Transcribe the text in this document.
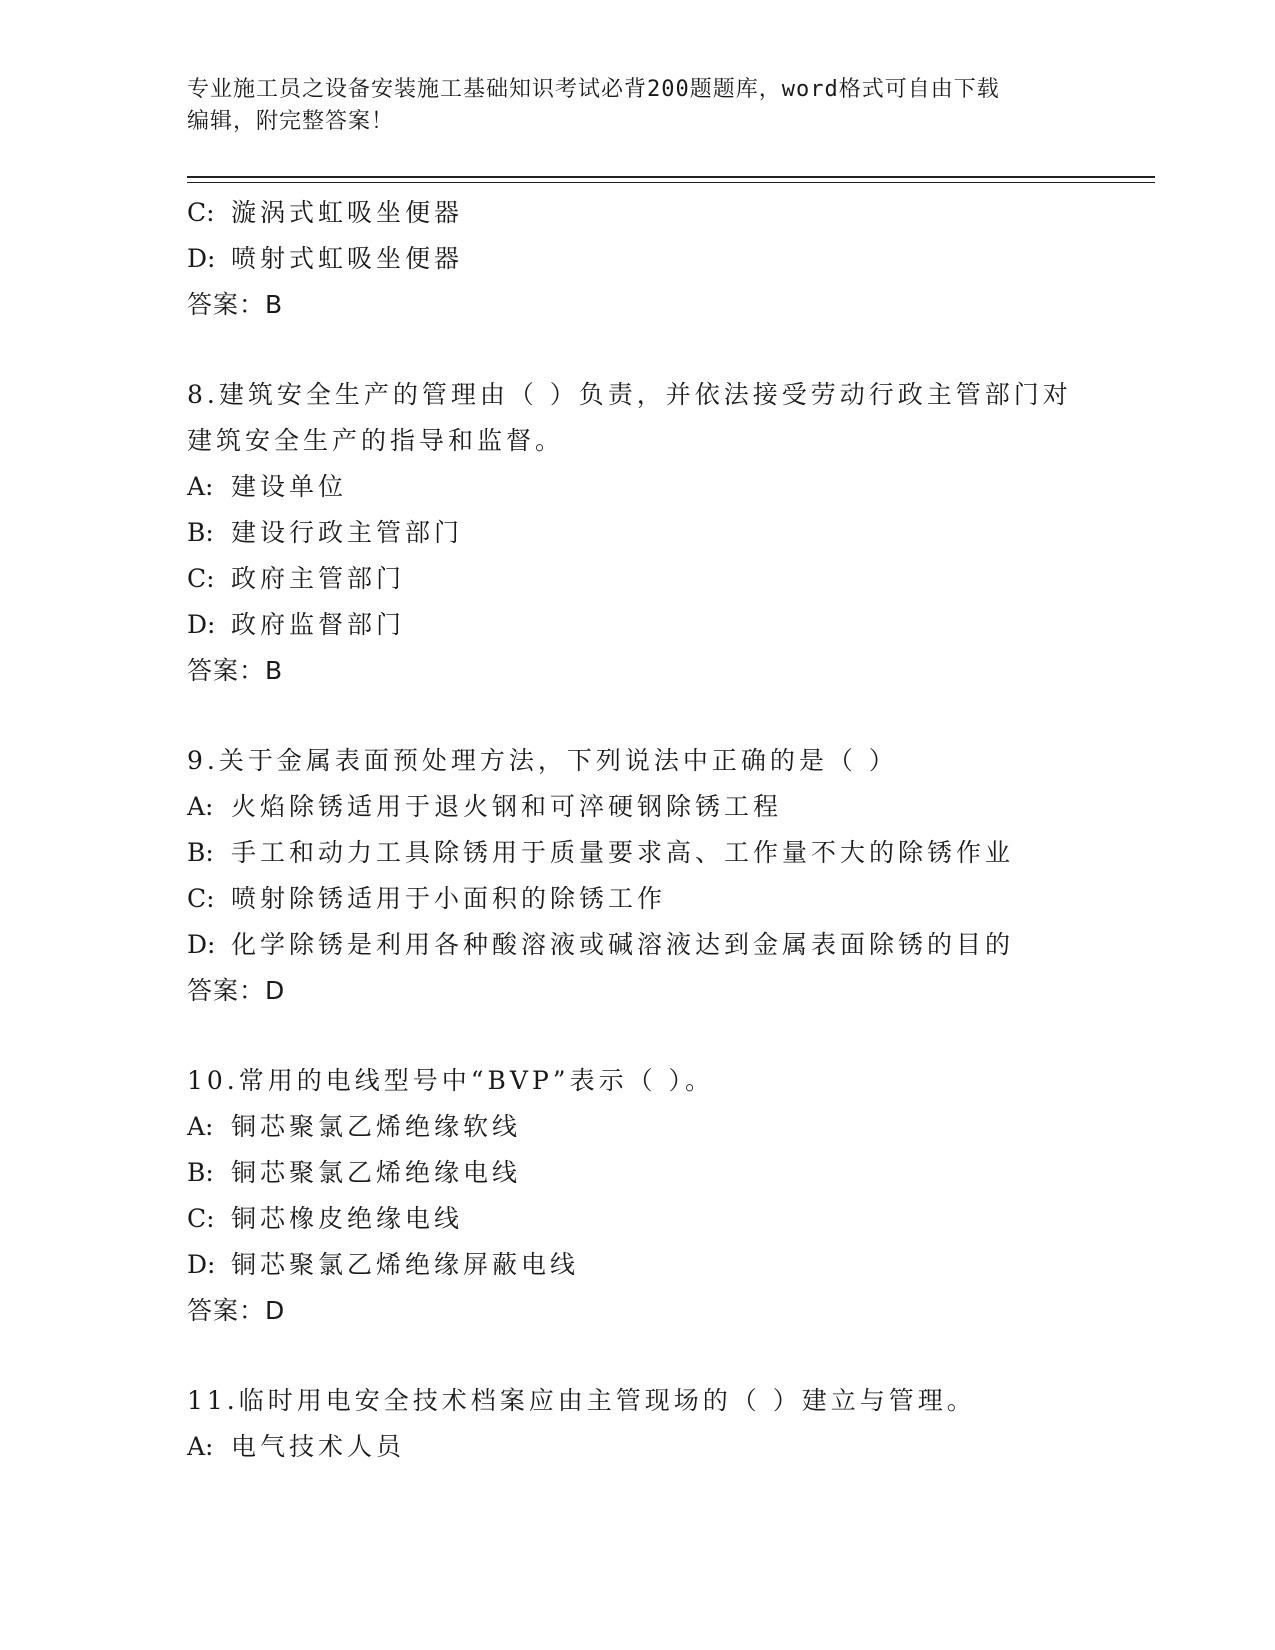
专业施工员之设备安装施工基础知识考试必背200题题库，word格式可自由下载
编辑，附完整答案！
C: 漩涡式虹吸坐便器
D: 喷射式虹吸坐便器
答案：B
8.建筑安全生产的管理由（ ）负责，并依法接受劳动行政主管部门对
建筑安全生产的指导和监督。
A: 建设单位
B: 建设行政主管部门
C: 政府主管部门
D: 政府监督部门
答案：B
9.关于金属表面预处理方法，下列说法中正确的是（ ）
A: 火焰除锈适用于退火钢和可淬硬钢除锈工程
B: 手工和动力工具除锈用于质量要求高、工作量不大的除锈作业
C: 喷射除锈适用于小面积的除锈工作
D: 化学除锈是利用各种酸溶液或碱溶液达到金属表面除锈的目的
答案：D
10.常用的电线型号中“BVP”表示（ ）。
A: 铜芯聚氯乙烯绝缘软线
B: 铜芯聚氯乙烯绝缘电线
C: 铜芯橡皮绝缘电线
D: 铜芯聚氯乙烯绝缘屏蔽电线
答案：D
11.临时用电安全技术档案应由主管现场的（ ）建立与管理。
A: 电气技术人员
